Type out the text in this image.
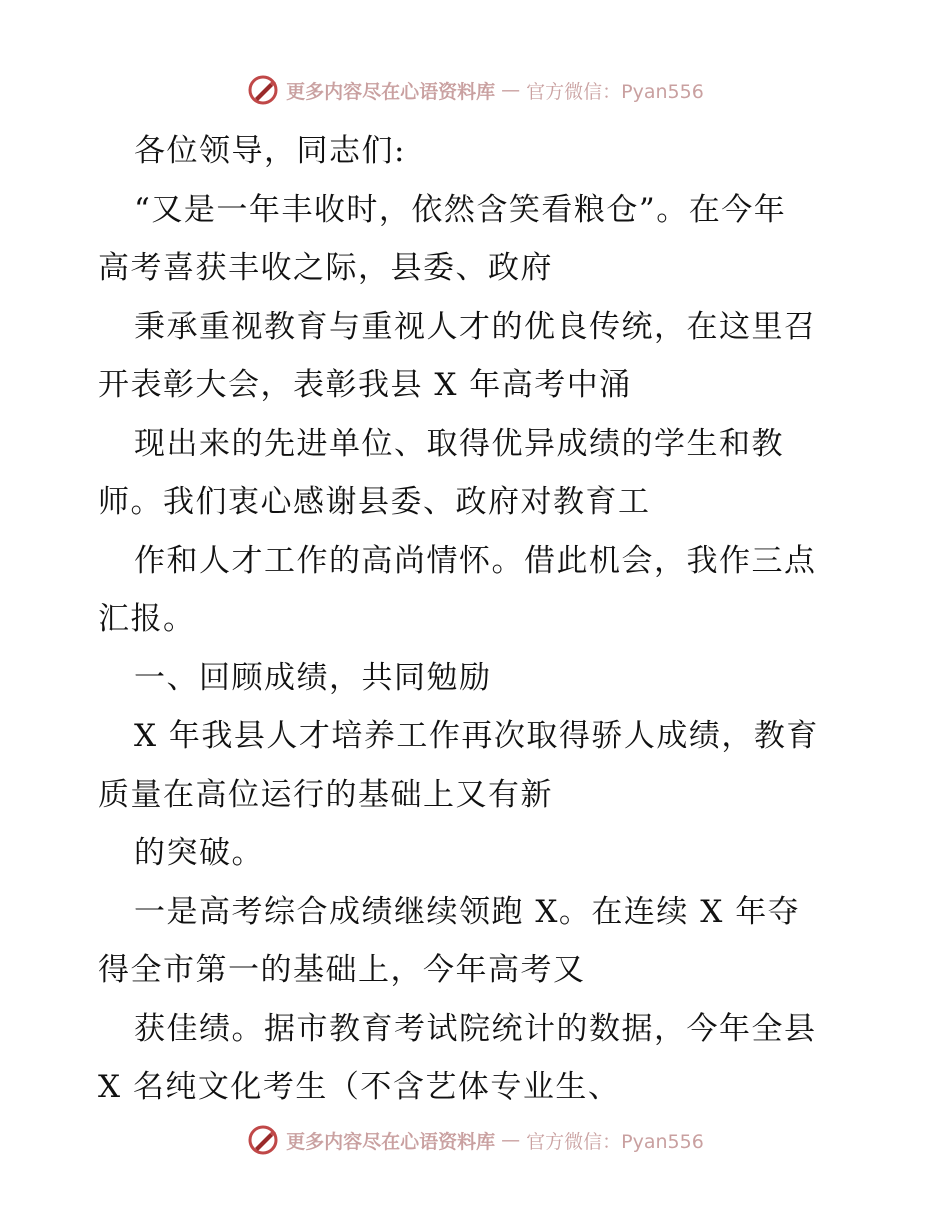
更多内容尽在心语资料库 — 官方微信：Pyan556
各位领导，同志们:
“又是一年丰收时，依然含笑看粮仓”。在今年
高考喜获丰收之际，县委、政府
秉承重视教育与重视人才的优良传统，在这里召
开表彰大会，表彰我县 X 年高考中涌
现出来的先进单位、取得优异成绩的学生和教
师。我们衷心感谢县委、政府对教育工
作和人才工作的高尚情怀。借此机会，我作三点
汇报。
一、回顾成绩，共同勉励
X 年我县人才培养工作再次取得骄人成绩，教育
质量在高位运行的基础上又有新
的突破。
一是高考综合成绩继续领跑 X。在连续 X 年夺
得全市第一的基础上，今年高考又
获佳绩。据市教育考试院统计的数据，今年全县
X 名纯文化考生（不含艺体专业生、
更多内容尽在心语资料库 — 官方微信：Pyan556
